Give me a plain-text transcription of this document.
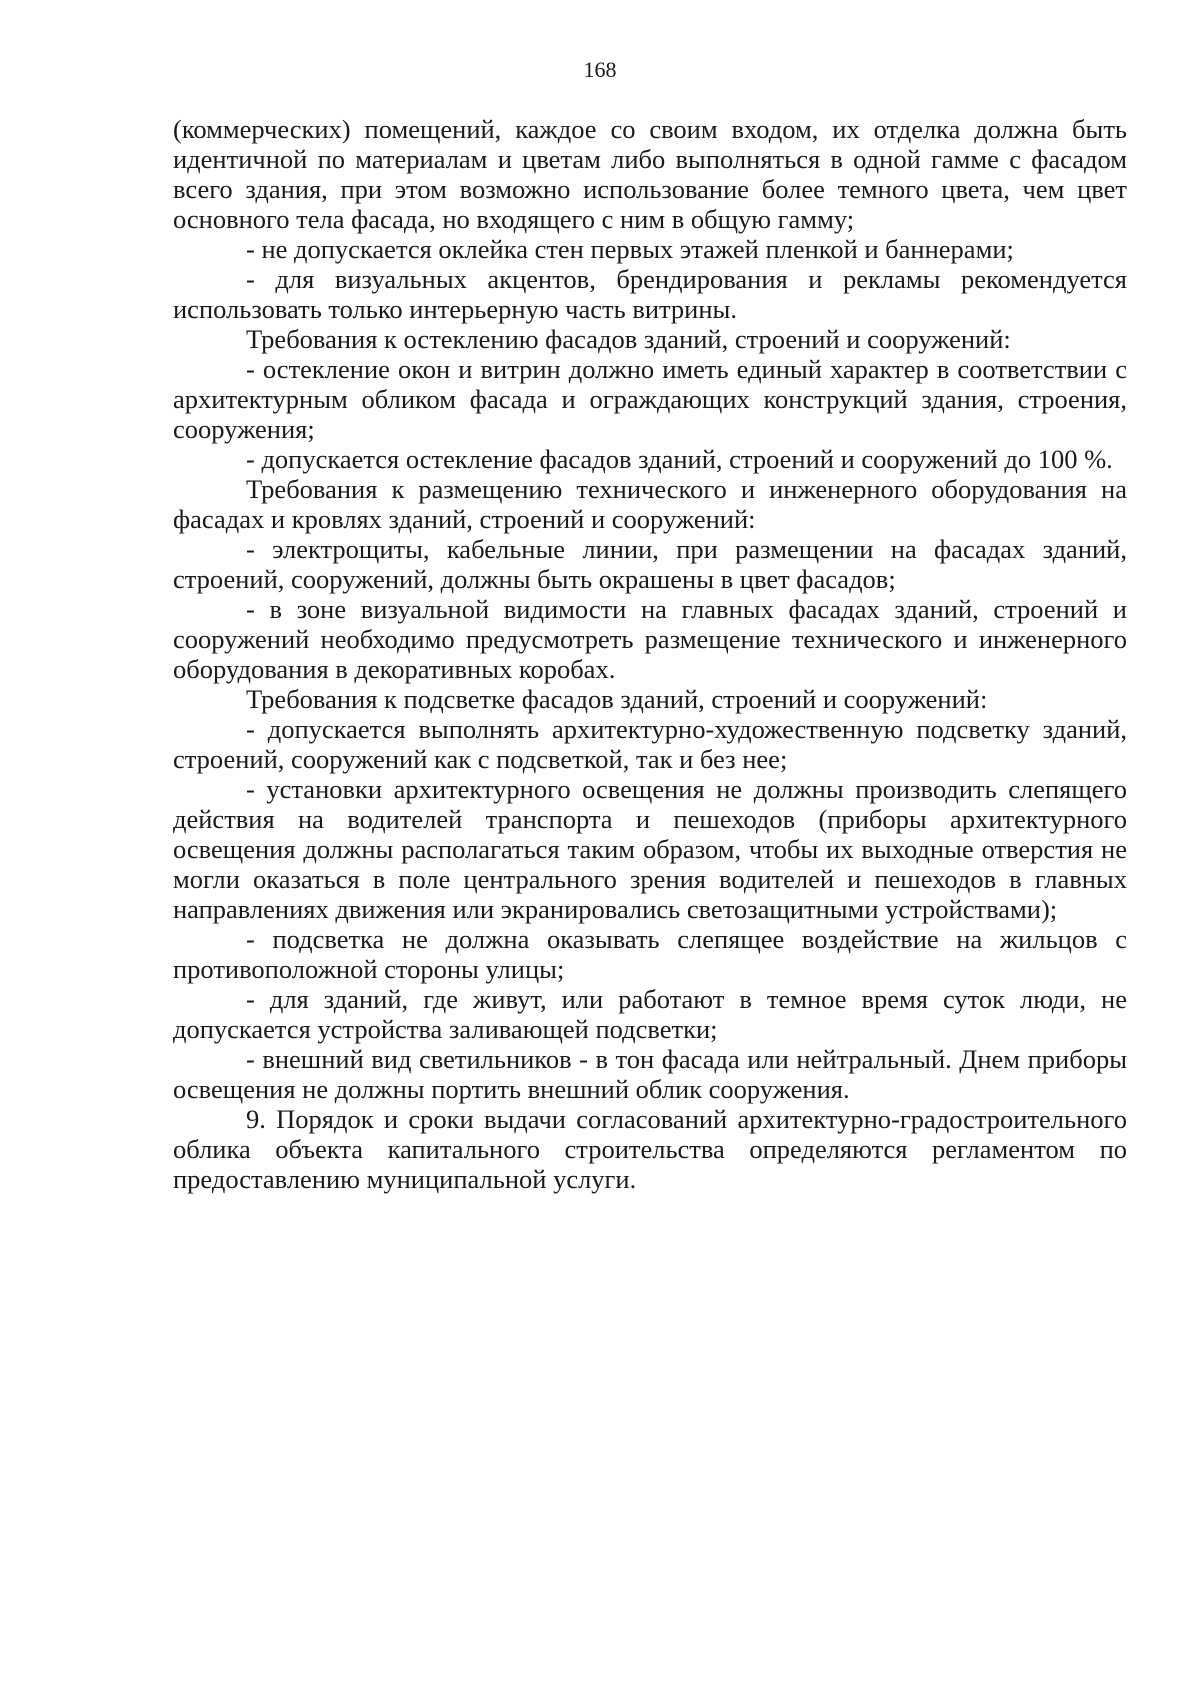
168

(коммерческих) помещений, каждое со своим входом, их отделка должна быть идентичной по материалам и цветам либо выполняться в одной гамме с фасадом всего здания, при этом возможно использование более темного цвета, чем цвет основного тела фасада, но входящего с ним в общую гамму;

- не допускается оклейка стен первых этажей пленкой и баннерами;

- для визуальных акцентов, брендирования и рекламы рекомендуется использовать только интерьерную часть витрины.

Требования к остеклению фасадов зданий, строений и сооружений:

- остекление окон и витрин должно иметь единый характер в соответствии с архитектурным обликом фасада и ограждающих конструкций здания, строения, сооружения;

- допускается остекление фасадов зданий, строений и сооружений до 100 %.

Требования к размещению технического и инженерного оборудования на фасадах и кровлях зданий, строений и сооружений:

- электрощиты, кабельные линии, при размещении на фасадах зданий, строений, сооружений, должны быть окрашены в цвет фасадов;

- в зоне визуальной видимости на главных фасадах зданий, строений и сооружений необходимо предусмотреть размещение технического и инженерного оборудования в декоративных коробах.

Требования к подсветке фасадов зданий, строений и сооружений:

- допускается выполнять архитектурно-художественную подсветку зданий, строений, сооружений как с подсветкой, так и без нее;

- установки архитектурного освещения не должны производить слепящего действия на водителей транспорта и пешеходов (приборы архитектурного освещения должны располагаться таким образом, чтобы их выходные отверстия не могли оказаться в поле центрального зрения водителей и пешеходов в главных направлениях движения или экранировались светозащитными устройствами);

- подсветка не должна оказывать слепящее воздействие на жильцов с противоположной стороны улицы;

- для зданий, где живут, или работают в темное время суток люди, не допускается устройства заливающей подсветки;

- внешний вид светильников - в тон фасада или нейтральный. Днем приборы освещения не должны портить внешний облик сооружения.

9. Порядок и сроки выдачи согласований архитектурно-градостроительного облика объекта капитального строительства определяются регламентом по предоставлению муниципальной услуги.
